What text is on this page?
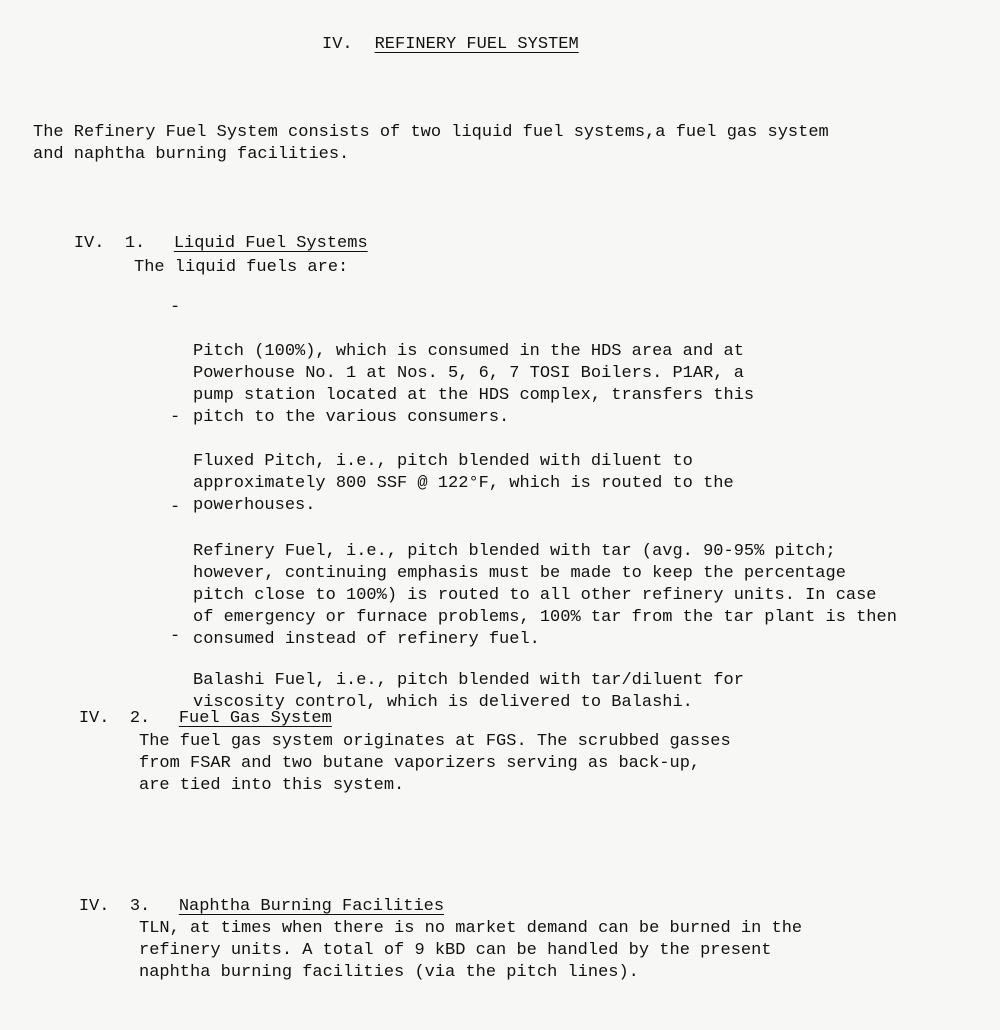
IV. REFINERY FUEL SYSTEM
The Refinery Fuel System consists of two liquid fuel systems,a fuel gas system
and naphtha burning facilities.

IV.  1. Liquid Fuel Systems

The liquid fuels are:

-

Pitch (100%), which is consumed in the HDS area and at
Powerhouse No. 1 at Nos. 5, 6, 7 TOSI Boilers. P1AR, a
pump station located at the HDS complex, transfers this
pitch to the various consumers.

-

Fluxed Pitch, i.e., pitch blended with diluent to
approximately 800 SSF @ 122°F, which is routed to the
powerhouses.

-

Refinery Fuel, i.e., pitch blended with tar (avg. 90-95% pitch;
however, continuing emphasis must be made to keep the percentage
pitch close to 100%) is routed to all other refinery units. In case
of emergency or furnace problems, 100% tar from the tar plant is then
consumed instead of refinery fuel.

-

Balashi Fuel, i.e., pitch blended with tar/diluent for
viscosity control, which is delivered to Balashi.

IV.  2. Fuel Gas System

The fuel gas system originates at FGS. The scrubbed gasses
from FSAR and two butane vaporizers serving as back-up,
are tied into this system.

IV.  3. Naphtha Burning Facilities

TLN, at times when there is no market demand can be burned in the
refinery units. A total of 9 kBD can be handled by the present
naphtha burning facilities (via the pitch lines).
